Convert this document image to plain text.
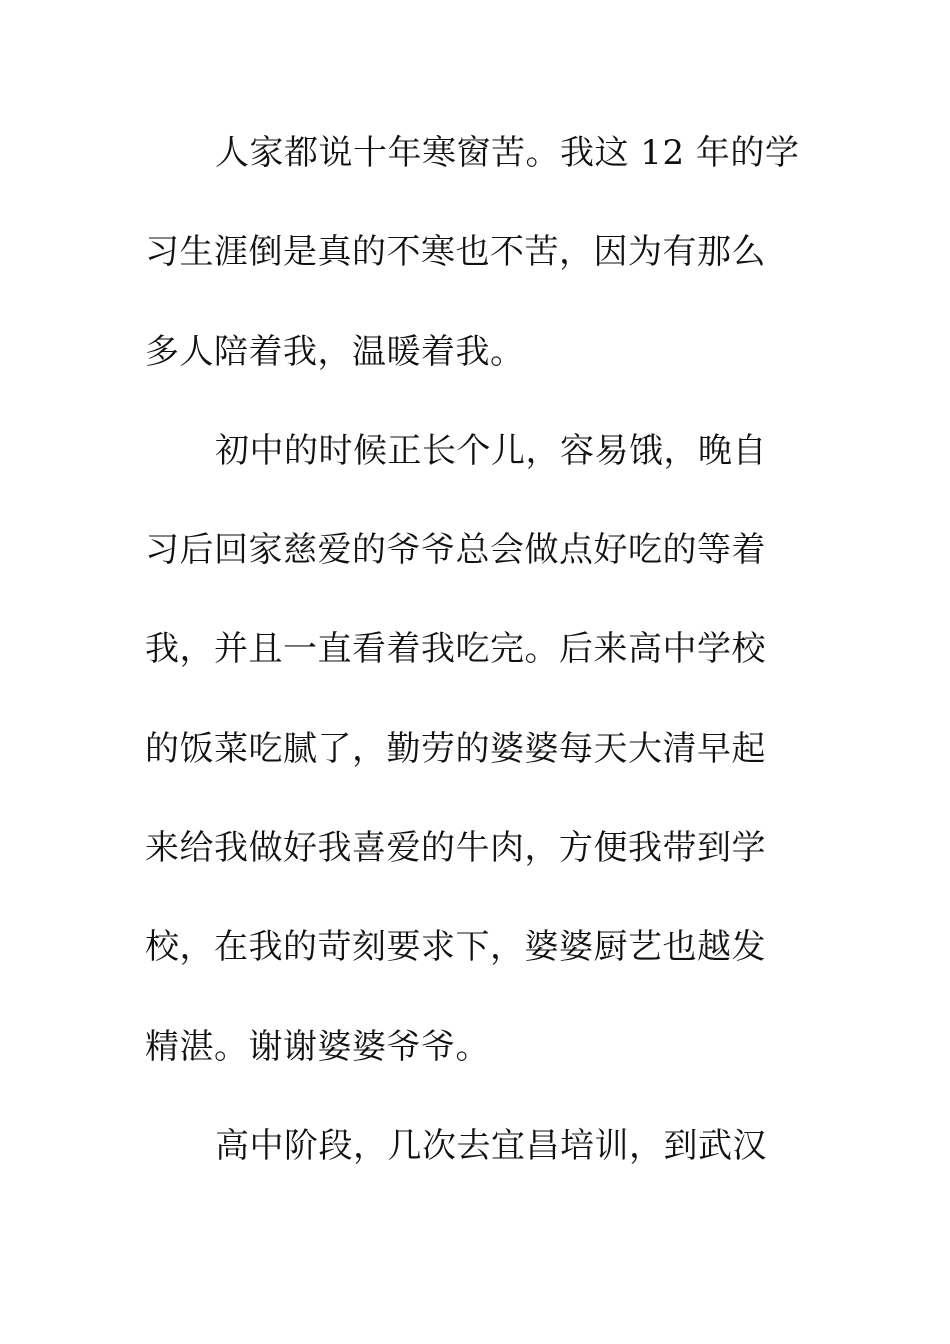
人家都说十年寒窗苦。我这 12 年的学
习生涯倒是真的不寒也不苦，因为有那么
多人陪着我，温暖着我。
初中的时候正长个儿，容易饿，晚自
习后回家慈爱的爷爷总会做点好吃的等着
我，并且一直看着我吃完。后来高中学校
的饭菜吃腻了，勤劳的婆婆每天大清早起
来给我做好我喜爱的牛肉，方便我带到学
校，在我的苛刻要求下，婆婆厨艺也越发
精湛。谢谢婆婆爷爷。
高中阶段，几次去宜昌培训，到武汉
